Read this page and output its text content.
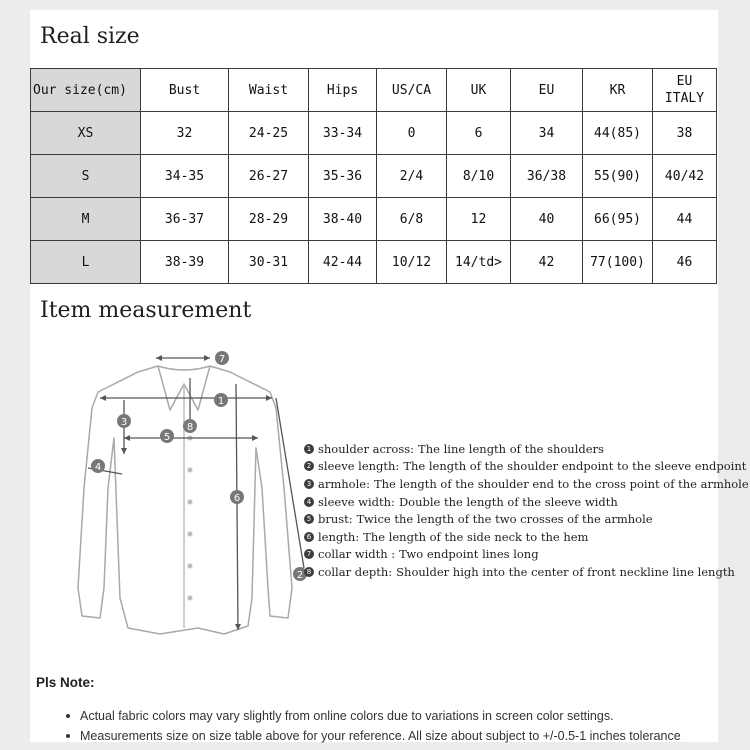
Real size
Our size(cm)	Bust	Waist	Hips	US/CA	UK	EU	KR	EU
ITALY
XS	32	24-25	33-34	0	6	34	44(85)	38
S	34-35	26-27	35-36	2/4	8/10	36/38	55(90)	40/42
M	36-37	28-29	38-40	6/8	12	40	66(95)	44
L	38-39	30-31	42-44	10/12	14/td>	42	77(100)	46
Item measurement
1
2
3
4
5
6
7
8
1 shoulder across: The line length of the shoulders
2 sleeve length: The length of the shoulder endpoint to the sleeve endpoint
3 armhole: The length of the shoulder end to the cross point of the armhole
4 sleeve width: Double the length of the sleeve width
5 brust: Twice the length of the two crosses of the armhole
6 length: The length of the side neck to the hem
7 collar width : Two endpoint lines long
8 collar depth: Shoulder high into the center of front neckline line length
Pls Note:
Actual fabric colors may vary slightly from online colors due to variations in screen color settings.
Measurements size on size table above for your reference. All size about subject to +/-0.5-1 inches tolerance
